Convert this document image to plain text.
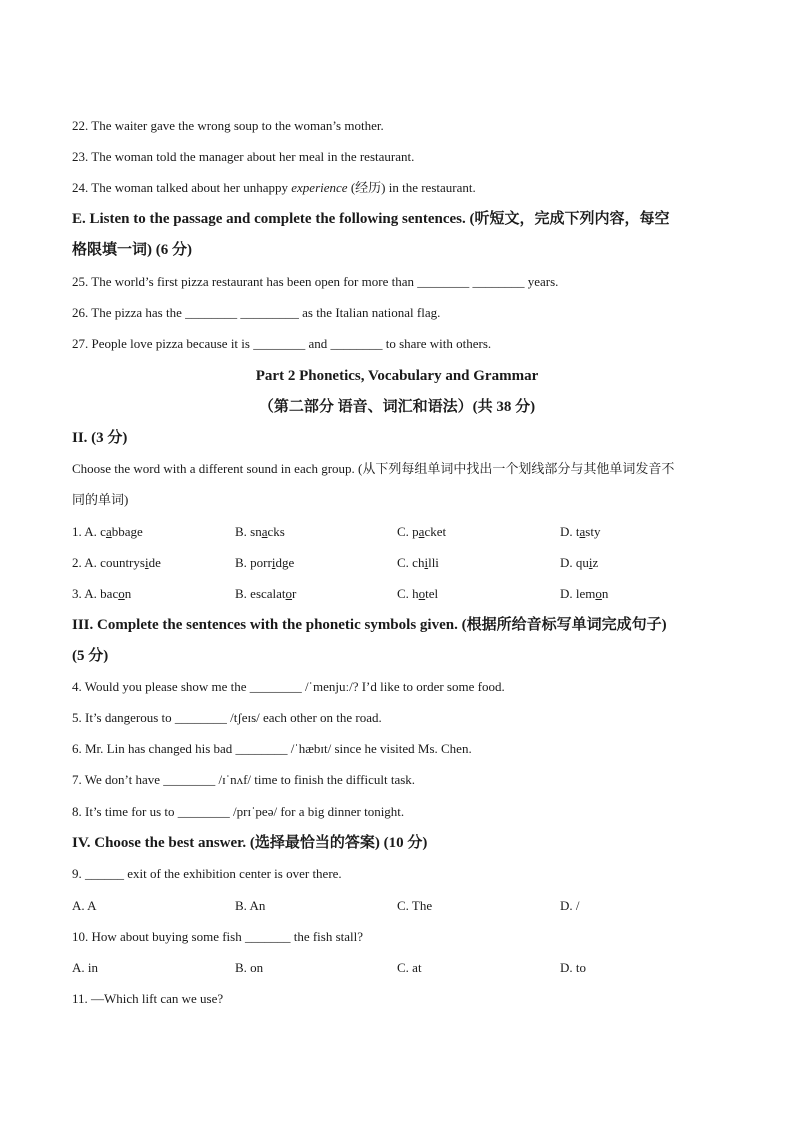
22. The waiter gave the wrong soup to the woman’s mother.
23. The woman told the manager about her meal in the restaurant.
24. The woman talked about her unhappy experience (经历) in the restaurant.
E. Listen to the passage and complete the following sentences. (听短文，完成下列内容，每空
格限填一词) (6 分)
25. The world’s first pizza restaurant has been open for more than ________ ________ years.
26. The pizza has the ________ _________ as the Italian national flag.
27. People love pizza because it is ________ and ________ to share with others.
Part 2 Phonetics, Vocabulary and Grammar
（第二部分 语音、词汇和语法）(共 38 分)
II. (3 分)
Choose the word with a different sound in each group. (从下列每组单词中找出一个划线部分与其他单词发音不
同的单词)
1. A. cabbage	B. snacks	C. packet	D. tasty
2. A. countryside	B. porridge	C. chilli	D. quiz
3. A. bacon	B. escalator	C. hotel	D. lemon
III. Complete the sentences with the phonetic symbols given. (根据所给音标写单词完成句子)
(5 分)
4. Would you please show me the ________ /ˈmenjuː/? I’d like to order some food.
5. It’s dangerous to ________ /tʃeɪs/ each other on the road.
6. Mr. Lin has changed his bad ________ /ˈhæbɪt/ since he visited Ms. Chen.
7. We don’t have ________ /ɪˈnʌf/ time to finish the difficult task.
8. It’s time for us to ________ /prɪˈpeə/ for a big dinner tonight.
IV. Choose the best answer. (选择最恰当的答案) (10 分)
9. ______ exit of the exhibition center is over there.
A. A	B. An	C. The	D. /
10. How about buying some fish _______ the fish stall?
A. in	B. on	C. at	D. to
11. —Which lift can we use?
